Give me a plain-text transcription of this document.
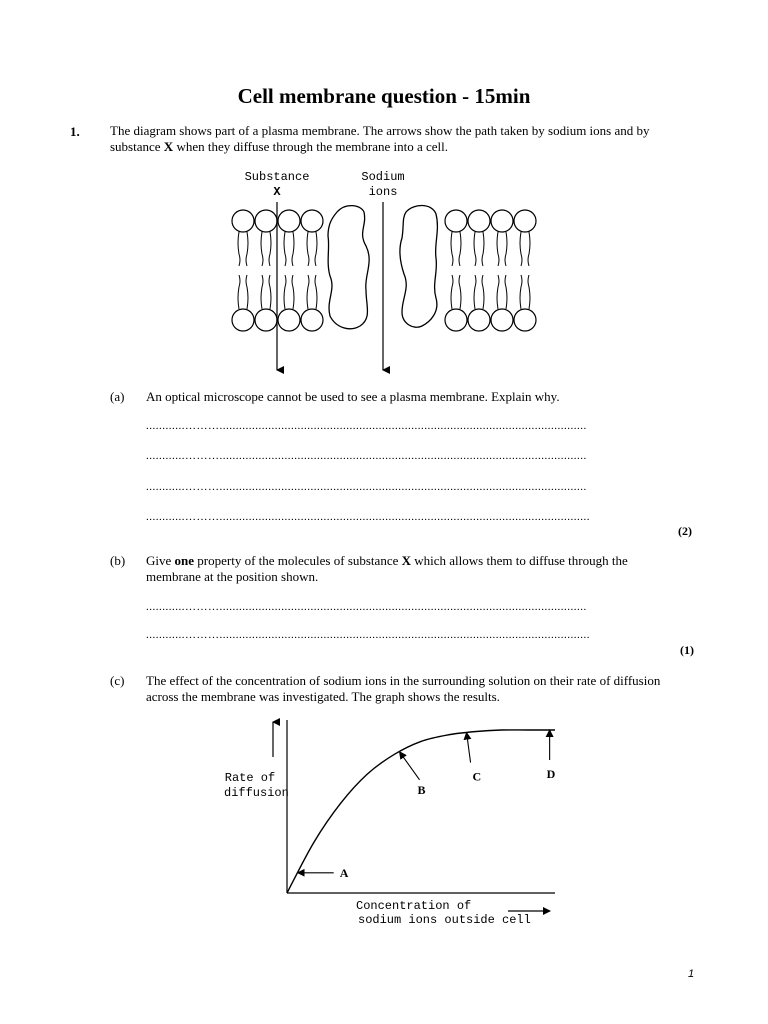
Cell membrane question - 15min
1. The diagram shows part of a plasma membrane. The arrows show the path taken by sodium ions and by substance X when they diffuse through the membrane into a cell.
Substance
X
Sodium
ions
(a) An optical microscope cannot be used to see a plasma membrane. Explain why.
............……….................................................................................................................
............……….................................................................................................................
............……….................................................................................................................
............………..................................................................................................................
(2)
(b) Give one property of the molecules of substance X which allows them to diffuse through the membrane at the position shown.
............……….................................................................................................................
............………..................................................................................................................
(1)
(c) The effect of the concentration of sodium ions in the surrounding solution on their rate of diffusion across the membrane was investigated. The graph shows the results.
Rate of
diffusion
Concentration of
sodium ions outside cell
A
B
C	D
1
